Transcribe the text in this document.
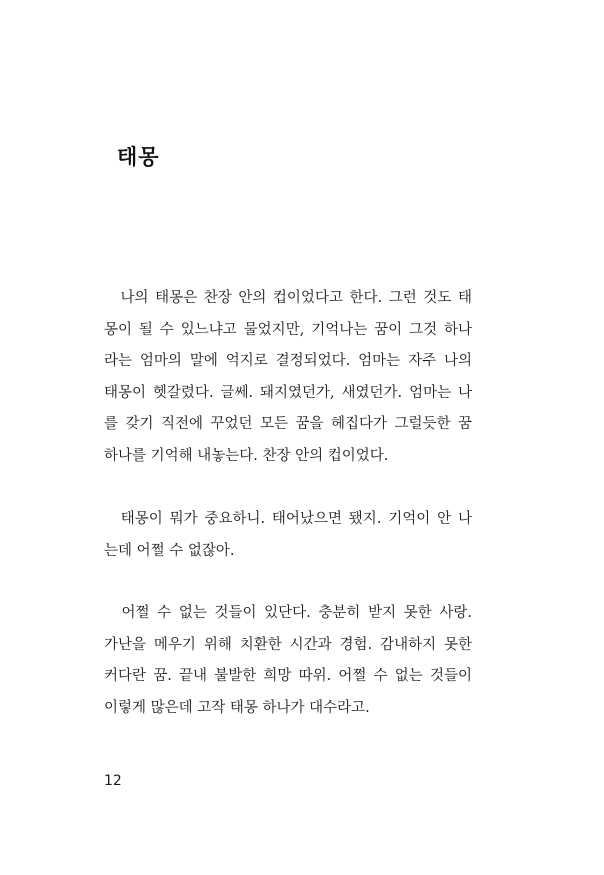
태몽
　나의 태몽은 찬장 안의 컵이었다고 한다. 그런 것도 태
몽이 될 수 있느냐고 물었지만, 기억나는 꿈이 그것 하나
라는 엄마의 말에 억지로 결정되었다. 엄마는 자주 나의
태몽이 헷갈렸다. 글쎄. 돼지였던가, 새였던가. 엄마는 나
를 갖기 직전에 꾸었던 모든 꿈을 헤집다가 그럴듯한 꿈
하나를 기억해 내놓는다. 찬장 안의 컵이었다.
　태몽이 뭐가 중요하니. 태어났으면 됐지. 기억이 안 나
는데 어쩔 수 없잖아.
　어쩔 수 없는 것들이 있단다. 충분히 받지 못한 사랑.
가난을 메우기 위해 치환한 시간과 경험. 감내하지 못한
커다란 꿈. 끝내 불발한 희망 따위. 어쩔 수 없는 것들이
이렇게 많은데 고작 태몽 하나가 대수라고.
12
